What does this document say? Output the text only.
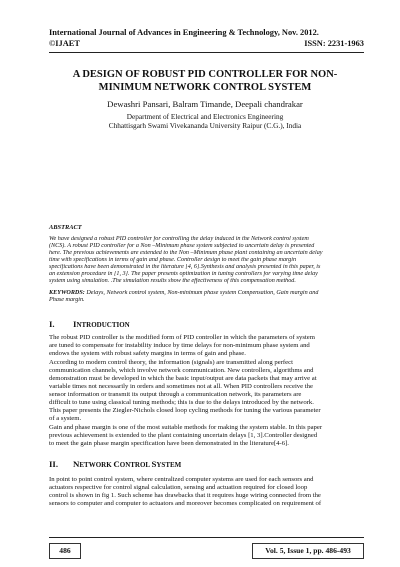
International Journal of Advances in Engineering & Technology, Nov. 2012.
©IJAET	ISSN: 2231-1963
A DESIGN OF ROBUST PID CONTROLLER FOR NON-
MINIMUM NETWORK CONTROL SYSTEM
Dewashri Pansari, Balram Timande, Deepali chandrakar
Department of Electrical and Electronics Engineering
Chhattisgarh Swami Vivekananda University Raipur (C.G.), India
ABSTRACT
We have designed a robust PID controller for controlling the delay induced in the Network control system
(NCS). A robust PID controller for a Non –Minimum phase system subjected to uncertain delay is presented
here. The previous achievements are extended to the Non –Minimum phase plant containing an uncertain delay
time with specifications in terms of gain and phase. Controller design to meet the gain phase margin
specifications have been demonstrated in the literature [4, 6].Synthesis and analysis presented in this paper, is
an extension procedure in [1, 3]. The paper presents optimization in tuning controllers for varying time delay
system using simulation. .The simulation results show the effectiveness of this compensation method.
KEYWORDS: Delays, Network control system, Non-minimum phase system Compensation, Gain margin and
Phase margin.
I. INTRODUCTION
The robust PID controller is the modified form of PID controller in which the parameters of system
are tuned to compensate for instability induce by time delays for non-minimum phase system and
endows the system with robust safety margins in terms of gain and phase.
According to modern control theory, the information (signals) are transmitted along perfect
communication channels, which involve network communication. New controllers, algorithms and
demonstration must be developed in which the basic input/output are data packets that may arrive at
variable times not necessarily in orders and sometimes not at all. When PID controllers receive the
sensor information or transmit its output through a communication network, its parameters are
difficult to tune using classical tuning methods; this is due to the delays introduced by the network.
This paper presents the Ziegler-Nichols closed loop cycling methods for tuning the various parameter
of a system.
Gain and phase margin is one of the most suitable methods for making the system stable. In this paper
previous achievement is extended to the plant containing uncertain delays [1, 3].Controller designed
to meet the gain phase margin specification have been demonstrated in the literature[4-6].
II. NETWORK CONTROL SYSTEM
In point to point control system, where centralized computer systems are used for each sensors and
actuators respective for control signal calculation, sensing and actuation required for closed loop
control is shown in fig 1. Such scheme has drawbacks that it requires huge wiring connected from the
sensors to computer and computer to actuators and moreover becomes complicated on requirement of
486	Vol. 5, Issue 1, pp. 486-493
